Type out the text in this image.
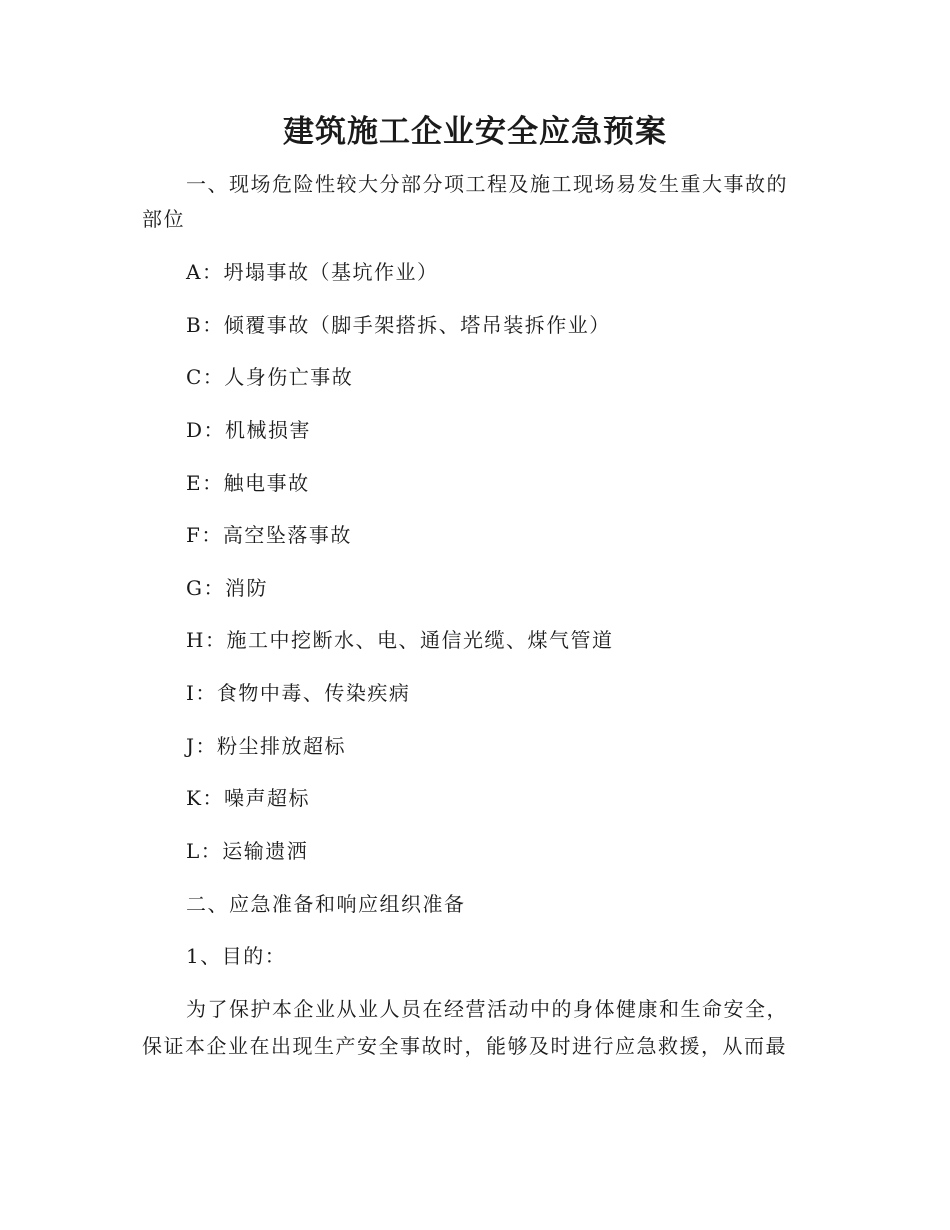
建筑施工企业安全应急预案
一、现场危险性较大分部分项工程及施工现场易发生重大事故的
部位
A：坍塌事故（基坑作业）
B：倾覆事故（脚手架搭拆、塔吊装拆作业）
C：人身伤亡事故
D：机械损害
E：触电事故
F：高空坠落事故
G：消防
H：施工中挖断水、电、通信光缆、煤气管道
I：食物中毒、传染疾病
J：粉尘排放超标
K：噪声超标
L：运输遗洒
二、应急准备和响应组织准备
1、目的：
为了保护本企业从业人员在经营活动中的身体健康和生命安全，
保证本企业在出现生产安全事故时，能够及时进行应急救援，从而最
